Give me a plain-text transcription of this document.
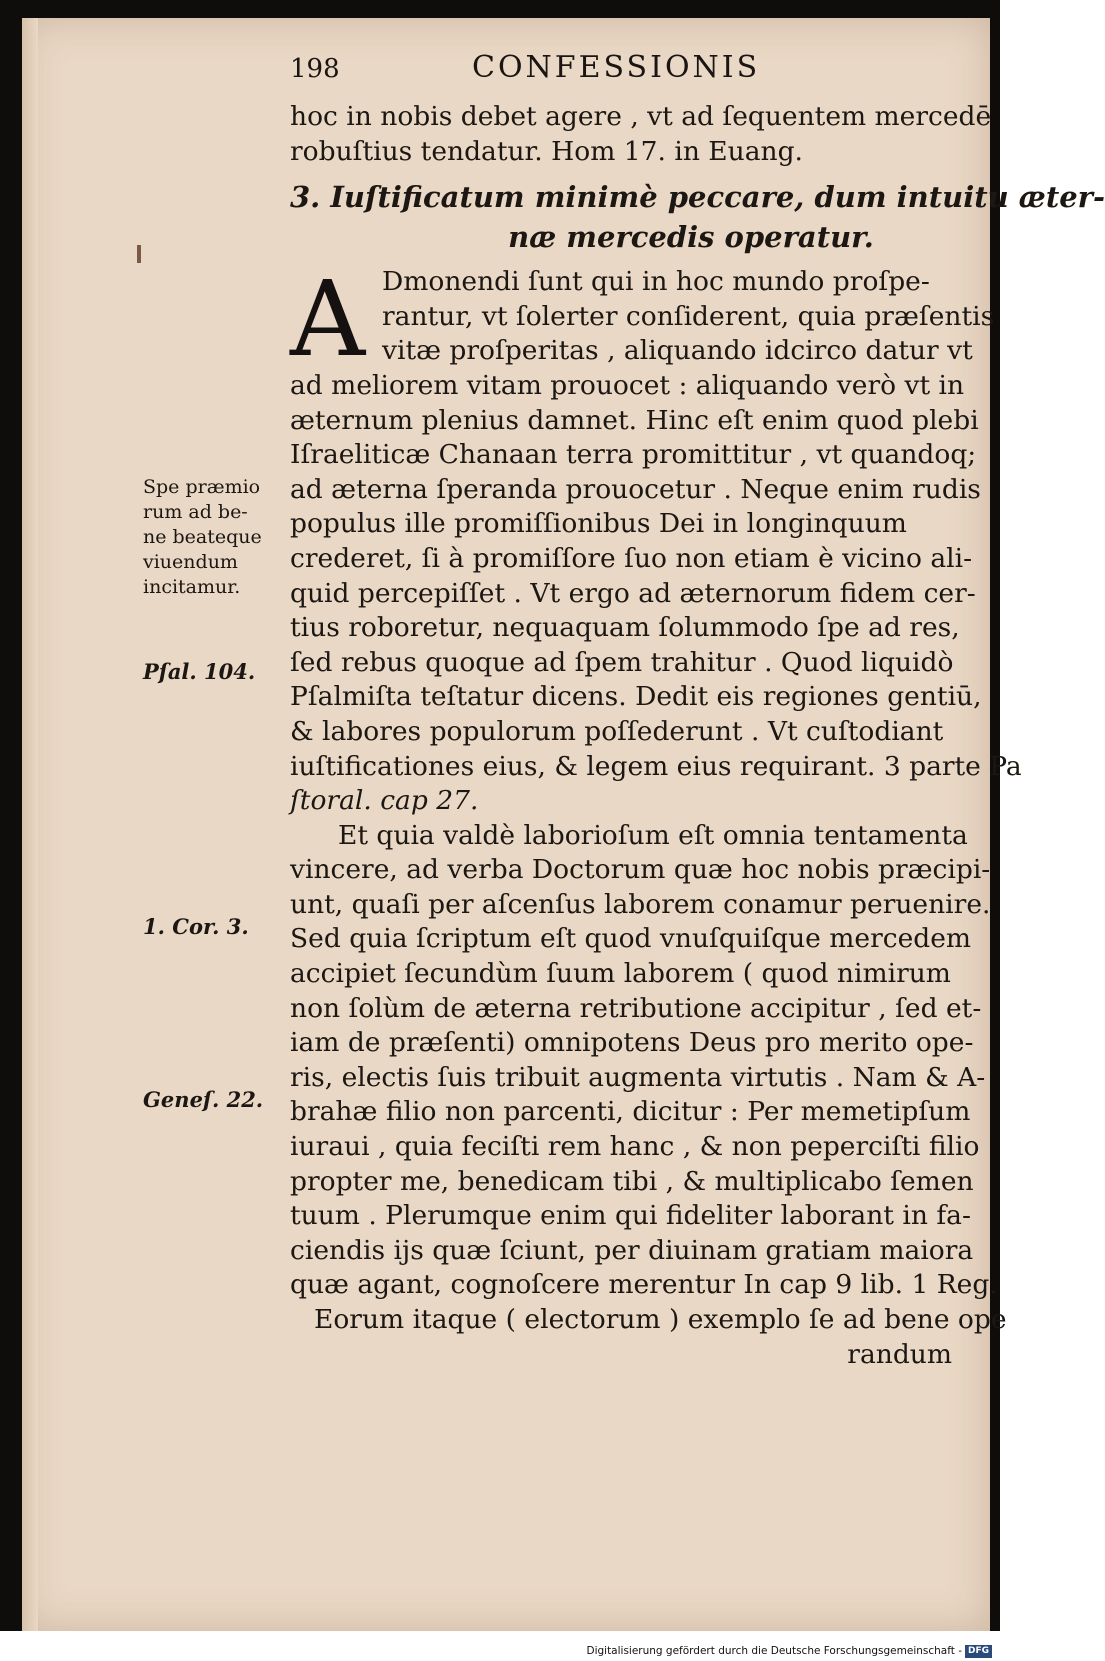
198	CONFESSIONIS
Spe præmio
rum ad be-
ne beateque
viuendum
incitamur.
Pſal. 104.
1. Cor. 3.
Geneſ. 22.
hoc in nobis debet agere , vt ad ſequentem mercedē
robuſtius tendatur. Hom 17. in Euang.
3. Iuſtificatum minimè peccare, dum intuitu æter-
næ mercedis operatur.
A Dmonendi ſunt qui in hoc mundo proſpe-
rantur, vt ſolerter conſiderent, quia præſentis
vitæ proſperitas , aliquando idcirco datur vt
ad meliorem vitam prouocet : aliquando verò vt in
æternum plenius damnet. Hinc eſt enim quod plebi
Iſraeliticæ Chanaan terra promittitur , vt quandoq;
ad æterna ſperanda prouocetur . Neque enim rudis
populus ille promiſſionibus Dei in longinquum
crederet, ſi à promiſſore ſuo non etiam è vicino ali-
quid percepiſſet . Vt ergo ad æternorum fidem cer-
tius roboretur, nequaquam ſolummodo ſpe ad res,
ſed rebus quoque ad ſpem trahitur . Quod liquidò
Pſalmiſta teſtatur dicens. Dedit eis regiones gentiū,
& labores populorum poſſederunt . Vt cuſtodiant
iuſtificationes eius, & legem eius requirant. 3 parte Pa
ſtoral. cap 27.
Et quia valdè laborioſum eſt omnia tentamenta
vincere, ad verba Doctorum quæ hoc nobis præcipi-
unt, quaſi per aſcenſus laborem conamur peruenire.
Sed quia ſcriptum eſt quod vnuſquiſque mercedem
accipiet ſecundùm ſuum laborem ( quod nimirum
non ſolùm de æterna retributione accipitur , ſed et-
iam de præſenti) omnipotens Deus pro merito ope-
ris, electis ſuis tribuit augmenta virtutis . Nam & A-
brahæ filio non parcenti, dicitur : Per memetipſum
iuraui , quia feciſti rem hanc , & non peperciſti filio
propter me, benedicam tibi , & multiplicabo ſemen
tuum . Plerumque enim qui fideliter laborant in fa-
ciendis iјs quæ ſciunt, per diuinam gratiam maiora
quæ agant, cognoſcere merentur In cap 9 lib. 1 Reg.
Eorum itaque ( electorum ) exemplo ſe ad bene ope
randum
Digitalisierung gefördert durch die Deutsche Forschungsgemeinschaft - DFG
